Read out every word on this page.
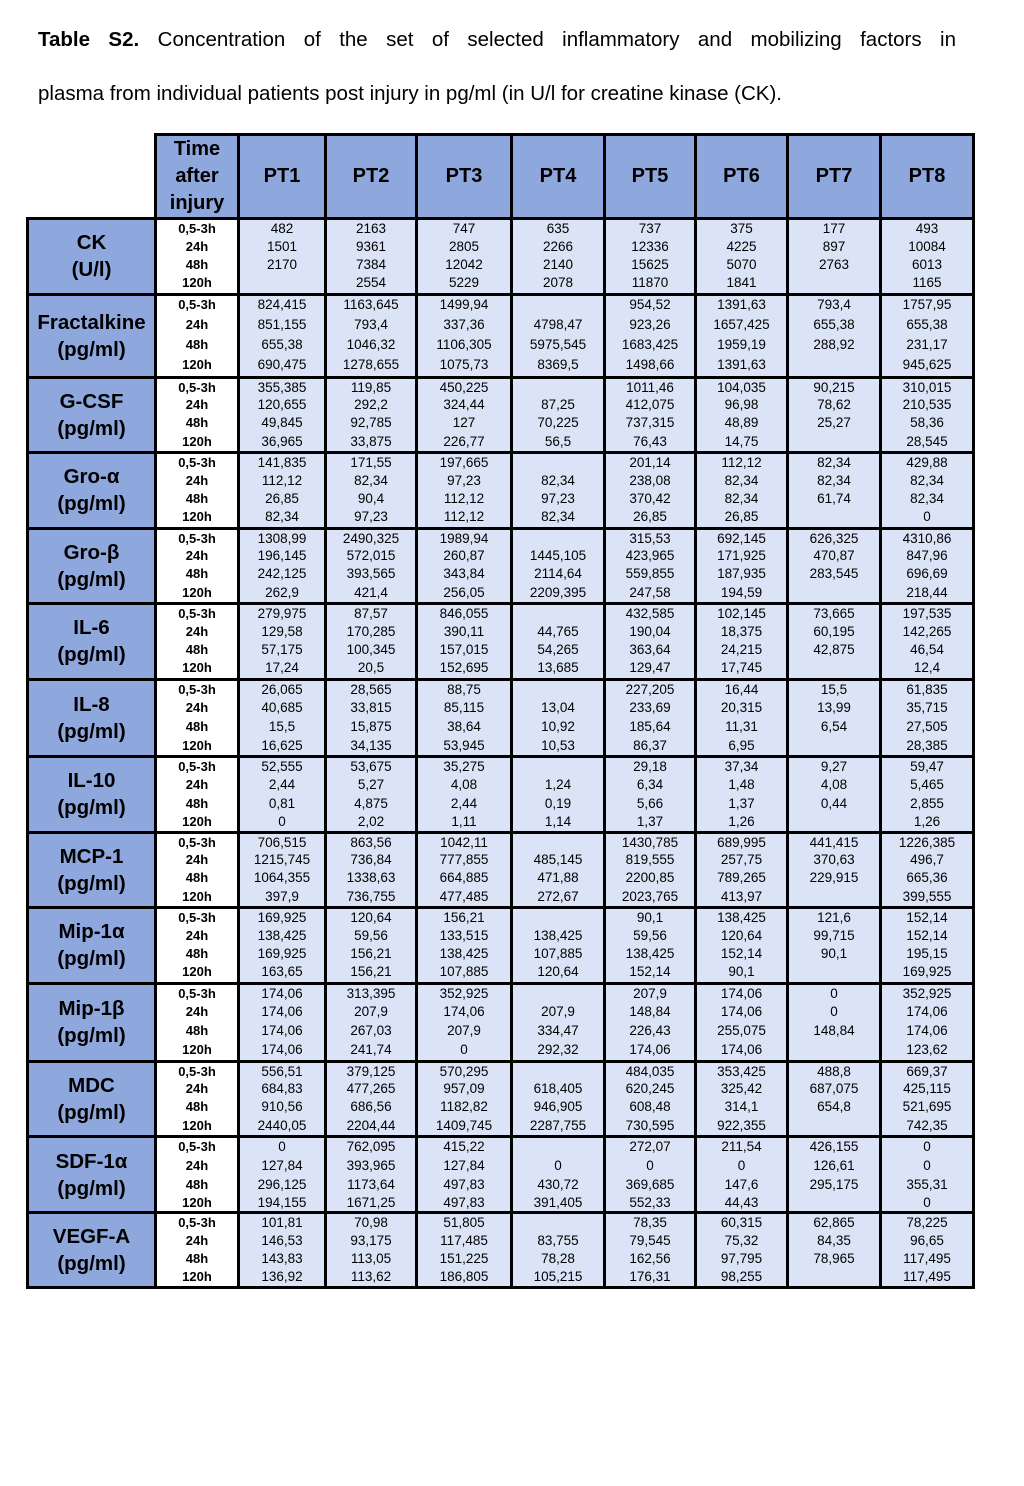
Table S2. Concentration of the set of selected inflammatory and mobilizing factors in
plasma from individual patients post injury in pg/ml (in U/l for creatine kinase (CK).

	Time
after
injury	PT1	PT2	PT3	PT4	PT5	PT6	PT7	PT8

CK
(U/l)	0,5-3h	482	2163	747	635	737	375	177	493
	24h	1501	9361	2805	2266	12336	4225	897	10084
	48h	2170	7384	12042	2140	15625	5070	2763	6013
	120h		2554	5229	2078	11870	1841		1165

Fractalkine
(pg/ml)	0,5-3h	824,415	1163,645	1499,94		954,52	1391,63	793,4	1757,95
	24h	851,155	793,4	337,36	4798,47	923,26	1657,425	655,38	655,38
	48h	655,38	1046,32	1106,305	5975,545	1683,425	1959,19	288,92	231,17
	120h	690,475	1278,655	1075,73	8369,5	1498,66	1391,63		945,625

G-CSF
(pg/ml)	0,5-3h	355,385	119,85	450,225		1011,46	104,035	90,215	310,015
	24h	120,655	292,2	324,44	87,25	412,075	96,98	78,62	210,535
	48h	49,845	92,785	127	70,225	737,315	48,89	25,27	58,36
	120h	36,965	33,875	226,77	56,5	76,43	14,75		28,545

Gro-α
(pg/ml)	0,5-3h	141,835	171,55	197,665		201,14	112,12	82,34	429,88
	24h	112,12	82,34	97,23	82,34	238,08	82,34	82,34	82,34
	48h	26,85	90,4	112,12	97,23	370,42	82,34	61,74	82,34
	120h	82,34	97,23	112,12	82,34	26,85	26,85		0

Gro-β
(pg/ml)	0,5-3h	1308,99	2490,325	1989,94		315,53	692,145	626,325	4310,86
	24h	196,145	572,015	260,87	1445,105	423,965	171,925	470,87	847,96
	48h	242,125	393,565	343,84	2114,64	559,855	187,935	283,545	696,69
	120h	262,9	421,4	256,05	2209,395	247,58	194,59		218,44

IL-6
(pg/ml)	0,5-3h	279,975	87,57	846,055		432,585	102,145	73,665	197,535
	24h	129,58	170,285	390,11	44,765	190,04	18,375	60,195	142,265
	48h	57,175	100,345	157,015	54,265	363,64	24,215	42,875	46,54
	120h	17,24	20,5	152,695	13,685	129,47	17,745		12,4

IL-8
(pg/ml)	0,5-3h	26,065	28,565	88,75		227,205	16,44	15,5	61,835
	24h	40,685	33,815	85,115	13,04	233,69	20,315	13,99	35,715
	48h	15,5	15,875	38,64	10,92	185,64	11,31	6,54	27,505
	120h	16,625	34,135	53,945	10,53	86,37	6,95		28,385

IL-10
(pg/ml)	0,5-3h	52,555	53,675	35,275		29,18	37,34	9,27	59,47
	24h	2,44	5,27	4,08	1,24	6,34	1,48	4,08	5,465
	48h	0,81	4,875	2,44	0,19	5,66	1,37	0,44	2,855
	120h	0	2,02	1,11	1,14	1,37	1,26		1,26

MCP-1
(pg/ml)	0,5-3h	706,515	863,56	1042,11		1430,785	689,995	441,415	1226,385
	24h	1215,745	736,84	777,855	485,145	819,555	257,75	370,63	496,7
	48h	1064,355	1338,63	664,885	471,88	2200,85	789,265	229,915	665,36
	120h	397,9	736,755	477,485	272,67	2023,765	413,97		399,555

Mip-1α
(pg/ml)	0,5-3h	169,925	120,64	156,21		90,1	138,425	121,6	152,14
	24h	138,425	59,56	133,515	138,425	59,56	120,64	99,715	152,14
	48h	169,925	156,21	138,425	107,885	138,425	152,14	90,1	195,15
	120h	163,65	156,21	107,885	120,64	152,14	90,1		169,925

Mip-1β
(pg/ml)	0,5-3h	174,06	313,395	352,925		207,9	174,06	0	352,925
	24h	174,06	207,9	174,06	207,9	148,84	174,06	0	174,06
	48h	174,06	267,03	207,9	334,47	226,43	255,075	148,84	174,06
	120h	174,06	241,74	0	292,32	174,06	174,06		123,62

MDC
(pg/ml)	0,5-3h	556,51	379,125	570,295		484,035	353,425	488,8	669,37
	24h	684,83	477,265	957,09	618,405	620,245	325,42	687,075	425,115
	48h	910,56	686,56	1182,82	946,905	608,48	314,1	654,8	521,695
	120h	2440,05	2204,44	1409,745	2287,755	730,595	922,355		742,35

SDF-1α
(pg/ml)	0,5-3h	0	762,095	415,22		272,07	211,54	426,155	0
	24h	127,84	393,965	127,84	0	0	0	126,61	0
	48h	296,125	1173,64	497,83	430,72	369,685	147,6	295,175	355,31
	120h	194,155	1671,25	497,83	391,405	552,33	44,43		0

VEGF-A
(pg/ml)	0,5-3h	101,81	70,98	51,805		78,35	60,315	62,865	78,225
	24h	146,53	93,175	117,485	83,755	79,545	75,32	84,35	96,65
	48h	143,83	113,05	151,225	78,28	162,56	97,795	78,965	117,495
	120h	136,92	113,62	186,805	105,215	176,31	98,255		117,495
